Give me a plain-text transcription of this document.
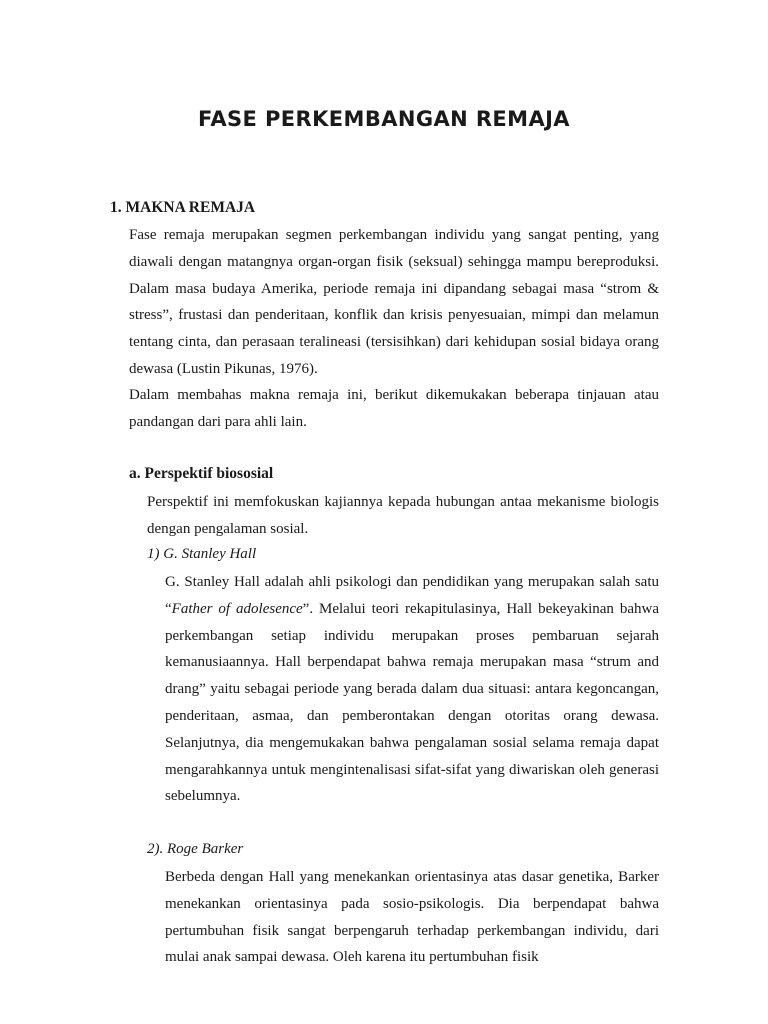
FASE PERKEMBANGAN REMAJA
1. MAKNA REMAJA

Fase remaja merupakan segmen perkembangan individu yang sangat penting, yang diawali dengan matangnya organ-organ fisik (seksual) sehingga mampu bereproduksi. Dalam masa budaya Amerika, periode remaja ini dipandang sebagai masa “strom & stress”, frustasi dan penderitaan, konflik dan krisis penyesuaian, mimpi dan melamun tentang cinta, dan perasaan teralineasi (tersisihkan) dari kehidupan sosial bidaya orang dewasa (Lustin Pikunas, 1976).

Dalam membahas makna remaja ini, berikut dikemukakan beberapa tinjauan atau pandangan dari para ahli lain.

a. Perspektif biososial

Perspektif ini memfokuskan kajiannya kepada hubungan antaa mekanisme biologis dengan pengalaman sosial.

1) G. Stanley Hall

G. Stanley Hall adalah ahli psikologi dan pendidikan yang merupakan salah satu “Father of adolesence”. Melalui teori rekapitulasinya, Hall bekeyakinan bahwa perkembangan setiap individu merupakan proses pembaruan sejarah kemanusiaannya. Hall berpendapat bahwa remaja merupakan masa “strum and drang” yaitu sebagai periode yang berada dalam dua situasi: antara kegoncangan, penderitaan, asmaa, dan pemberontakan dengan otoritas orang dewasa. Selanjutnya, dia mengemukakan bahwa pengalaman sosial selama remaja dapat mengarahkannya untuk mengintenalisasi sifat-sifat yang diwariskan oleh generasi sebelumnya.

2). Roge Barker

Berbeda dengan Hall yang menekankan orientasinya atas dasar genetika, Barker menekankan orientasinya pada sosio-psikologis. Dia berpendapat bahwa pertumbuhan fisik sangat berpengaruh terhadap perkembangan individu, dari mulai anak sampai dewasa. Oleh karena itu pertumbuhan fisik
